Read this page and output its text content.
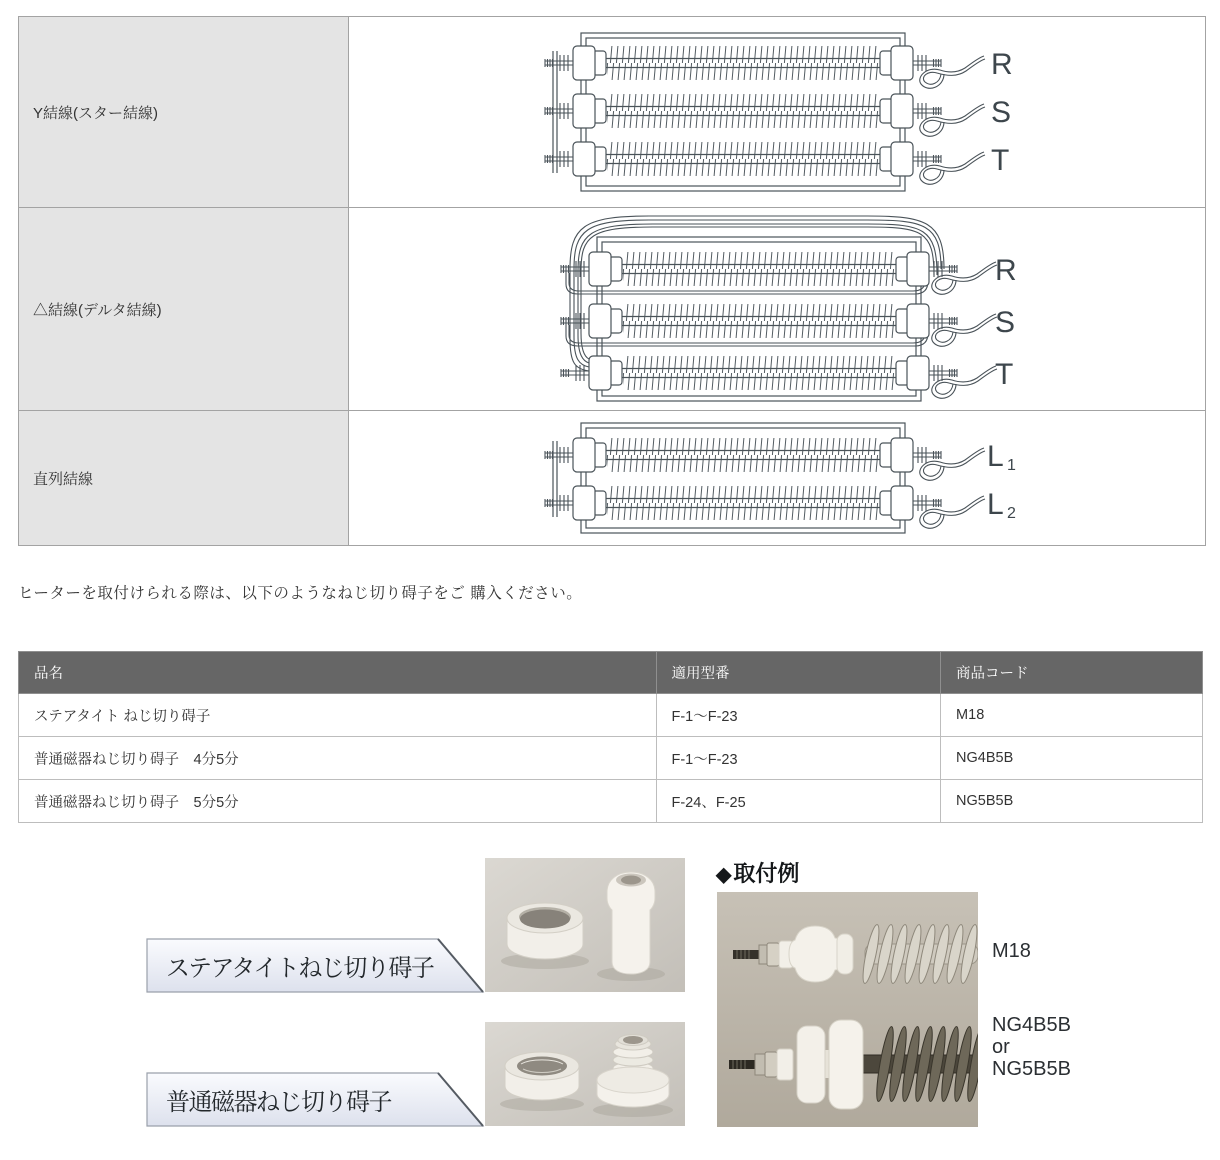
Y結線(スター結線)
R
S
T
△結線(デルタ結線)
R
S
T
直列結線
L 1
L 2
ヒーターを取付けられる際は、以下のようなねじ切り碍子をご 購入ください。
品名	適用型番	商品コード
ステアタイト ねじ切り碍子	F-1～F-23	M18
普通磁器ねじ切り碍子　4分5分	F-1～F-23	NG4B5B
普通磁器ねじ切り碍子　5分5分	F-24、F-25	NG5B5B
ステアタイトねじ切り碍子
普通磁器ねじ切り碍子
◆取付例
M18
NG4B5B
or
NG5B5B
